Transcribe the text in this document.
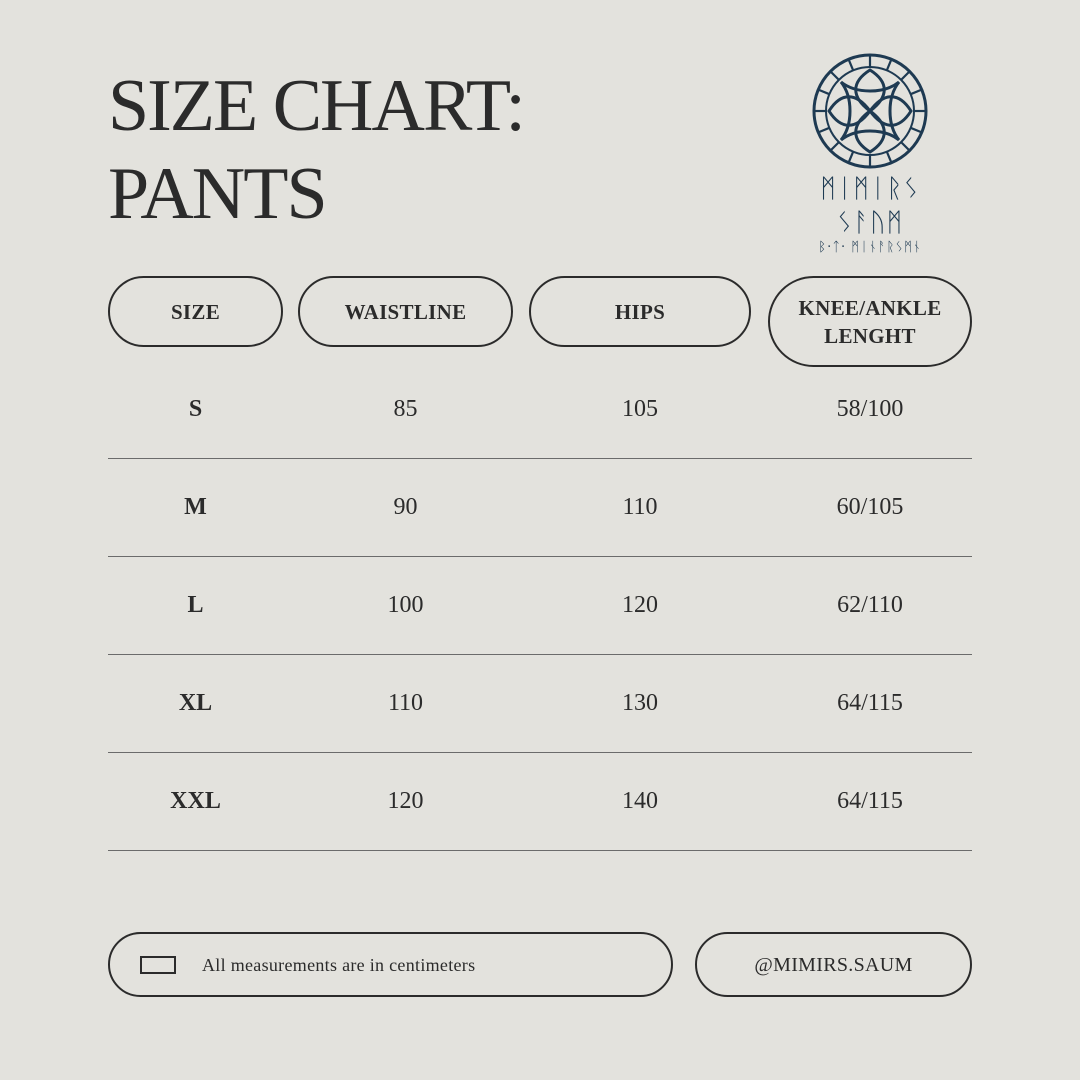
SIZE CHART:
PANTS	ᛗᛁᛗᛁᚱᛊ ᛊᚨᚢᛗ
ᛒ·ᛏ· ᛗᛁᚾᚨᚱᛊᛗᚾ
SIZE	WAISTLINE	HIPS	KNEE/ANKLE LENGHT
S	85	105	58/100
M	90	110	60/105
L	100	120	62/110
XL	110	130	64/115
XXL	120	140	64/115
All measurements are in centimeters	@MIMIRS.SAUM
